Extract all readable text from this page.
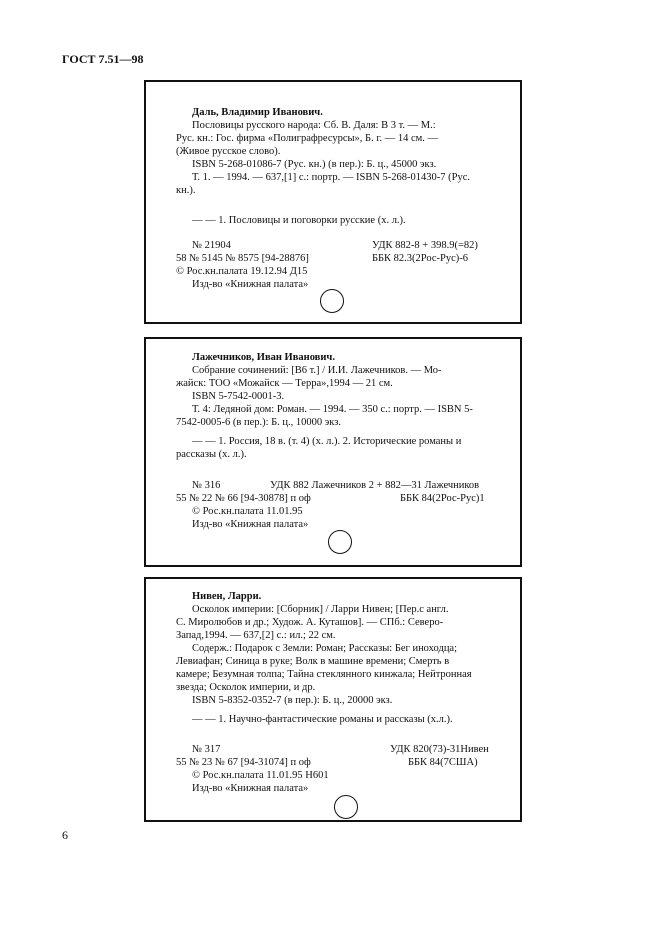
ГОСТ 7.51—98
Даль, Владимир Иванович.
Пословицы русского народа: Сб. В. Даля: В 3 т. — М.:
Рус. кн.: Гос. фирма «Полиграфресурсы», Б. г. — 14 см. —
(Живое русское слово).
ISBN 5-268-01086-7 (Рус. кн.) (в пер.): Б. ц., 45000 экз.
Т. 1. — 1994. — 637,[1] с.: портр. — ISBN 5-268-01430-7 (Рус.
кн.).
— — 1. Пословицы и поговорки русские (х. л.).
№ 21904	УДК 882-8 + 398.9(=82)
58 № 5145 № 8575 [94-28876]	ББК 82.3(2Рос-Рус)-6
© Рос.кн.палата 19.12.94 Д15
Изд-во «Книжная палата»
Лажечников, Иван Иванович.
Собрание сочинений: [В6 т.] / И.И. Лажечников. — Мо-
жайск: ТОО «Можайск — Терра»,1994 — 21 см.
ISBN 5-7542-0001-3.
Т. 4: Ледяной дом: Роман. — 1994. — 350 с.: портр. — ISBN 5-
7542-0005-6 (в пер.): Б. ц., 10000 экз.
— — 1. Россия, 18 в. (т. 4) (х. л.). 2. Исторические романы и
рассказы (х. л.).
№ 316	УДК 882 Лажечников 2 + 882—31 Лажечников
55 № 22 № 66 [94-30878] п оф	ББК 84(2Рос-Рус)1
© Рос.кн.палата 11.01.95
Изд-во «Книжная палата»
Нивен, Ларри.
Осколок империи: [Сборник] / Ларри Нивен; [Пер.с англ.
С. Миролюбов и др.; Худож. А. Куташов]. — СПб.: Северо-
Запад,1994. — 637,[2] с.: ил.; 22 см.
Содерж.: Подарок с Земли: Роман; Рассказы: Бег иноходца;
Левиафан; Синица в руке; Волк в машине времени; Смерть в
камере; Безумная толпа; Тайна стеклянного кинжала; Нейтронная
звезда; Осколок империи, и др.
ISBN 5-8352-0352-7 (в пер.): Б. ц., 20000 экз.
— — 1. Научно-фантастические романы и рассказы (х.л.).
№ 317	УДК 820(73)-31Нивен
55 № 23 № 67 [94-31074] п оф	ББК 84(7США)
© Рос.кн.палата 11.01.95 Н601
Изд-во «Книжная палата»
6
